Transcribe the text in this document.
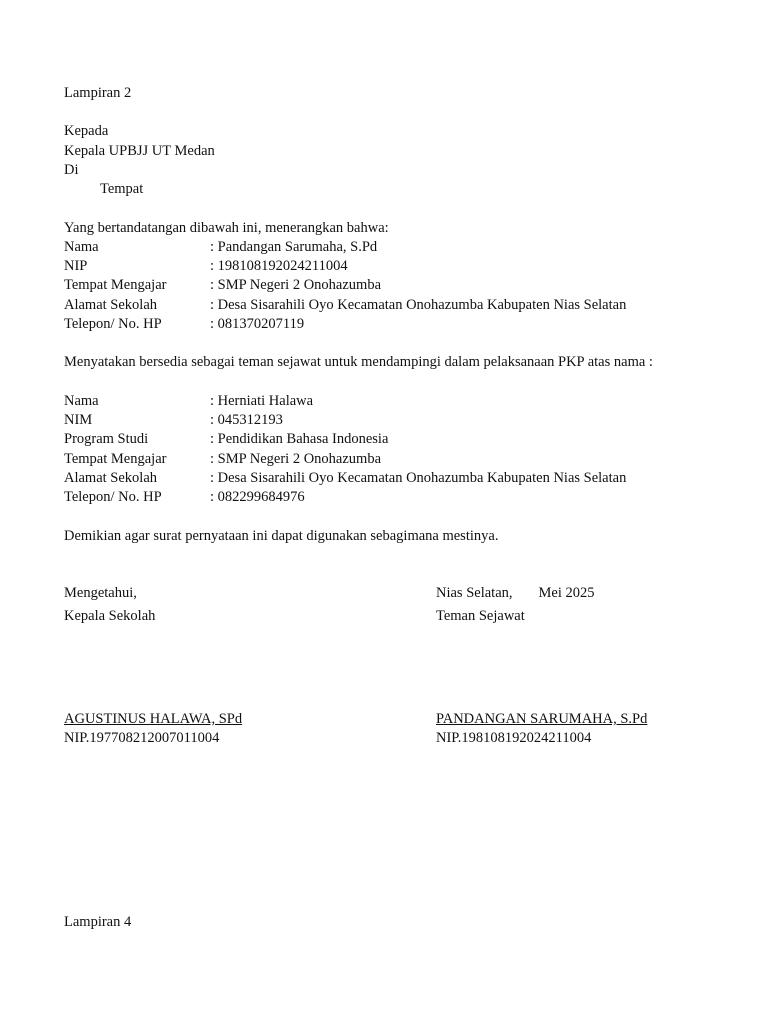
Lampiran 2
Kepada
Kepala UPBJJ UT Medan
Di
Tempat
Yang bertandatangan dibawah ini, menerangkan bahwa:
Nama	: Pandangan Sarumaha, S.Pd
NIP	: 198108192024211004
Tempat Mengajar	: SMP Negeri 2 Onohazumba
Alamat Sekolah	: Desa Sisarahili Oyo Kecamatan Onohazumba Kabupaten Nias Selatan
Telepon/ No. HP	: 081370207119
Menyatakan bersedia sebagai teman sejawat untuk mendampingi dalam pelaksanaan PKP atas nama :
Nama	: Herniati Halawa
NIM	: 045312193
Program Studi	: Pendidikan Bahasa Indonesia
Tempat Mengajar	: SMP Negeri 2 Onohazumba
Alamat Sekolah	: Desa Sisarahili Oyo Kecamatan Onohazumba Kabupaten Nias Selatan
Telepon/ No. HP	: 082299684976
Demikian agar surat pernyataan ini dapat digunakan sebagimana mestinya.
Mengetahui,
Kepala Sekolah
AGUSTINUS HALAWA, SPd
NIP.197708212007011004
Nias Selatan, Mei 2025
Teman Sejawat
PANDANGAN SARUMAHA, S.Pd
NIP.198108192024211004
Lampiran 4
